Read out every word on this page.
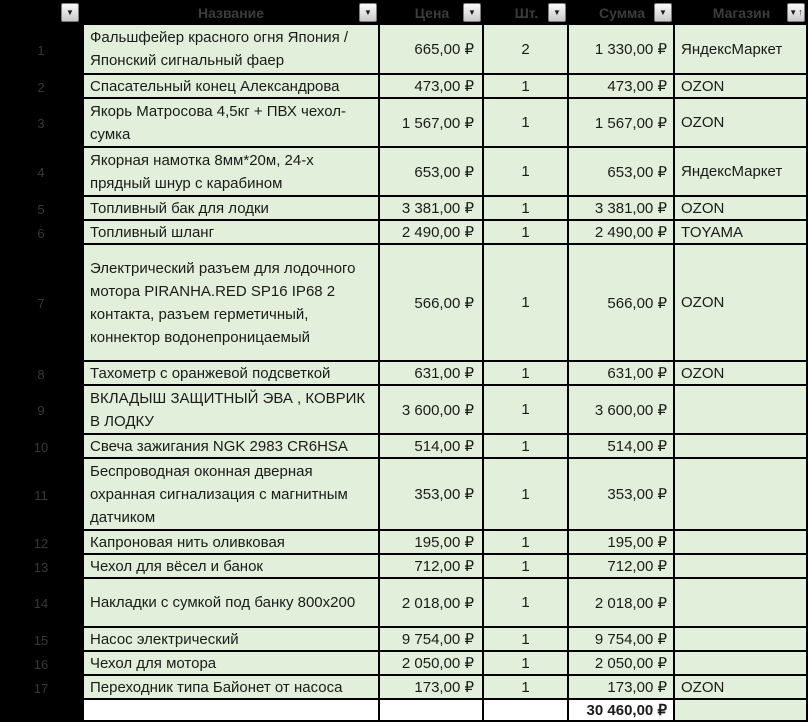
▼	Название	▼	Цена ▼	Шт. ▼	Сумма ▼	Магазин ▼ ↑
1
Фальшфейер красного огня Япония / Японский сигнальный фаер
665,00 ₽	2	1 330,00 ₽ ЯндексМаркет
2	Спасательный конец Александрова	473,00 ₽	1	473,00 ₽ OZON
3
Якорь Матросова 4,5кг + ПВХ чехол-сумка
1 567,00 ₽	1	1 567,00 ₽ OZON
4
Якорная намотка 8мм*20м, 24-х прядный шнур с карабином
653,00 ₽	1	653,00 ₽ ЯндексМаркет
5	Топливный бак для лодки	3 381,00 ₽	1	3 381,00 ₽ OZON
6	Топливный шланг	2 490,00 ₽	1	2 490,00 ₽ TOYAMA
7
Электрический разъем для лодочного мотора PIRANHA.RED SP16 IP68 2 контакта, разъем герметичный, коннектор водонепроницаемый
566,00 ₽	1	566,00 ₽ OZON
8	Тахометр с оранжевой подсветкой	631,00 ₽	1	631,00 ₽ OZON
9
ВКЛАДЫШ ЗАЩИТНЫЙ ЭВА , КОВРИК В ЛОДКУ
3 600,00 ₽	1	3 600,00 ₽
10	Свеча зажигания NGK 2983 CR6HSA	514,00 ₽	1	514,00 ₽
11
Беспроводная оконная дверная охранная сигнализация с магнитным датчиком
353,00 ₽	1	353,00 ₽
12	Капроновая нить оливковая	195,00 ₽	1	195,00 ₽
13	Чехол для вёсел и банок	712,00 ₽	1	712,00 ₽
14	Накладки с сумкой под банку 800x200	2 018,00 ₽	1	2 018,00 ₽
15	Насос электрический	9 754,00 ₽	1	9 754,00 ₽
16	Чехол для мотора	2 050,00 ₽	1	2 050,00 ₽
17	Переходник типа Байонет от насоса	173,00 ₽	1	173,00 ₽ OZON
30 460,00 ₽
